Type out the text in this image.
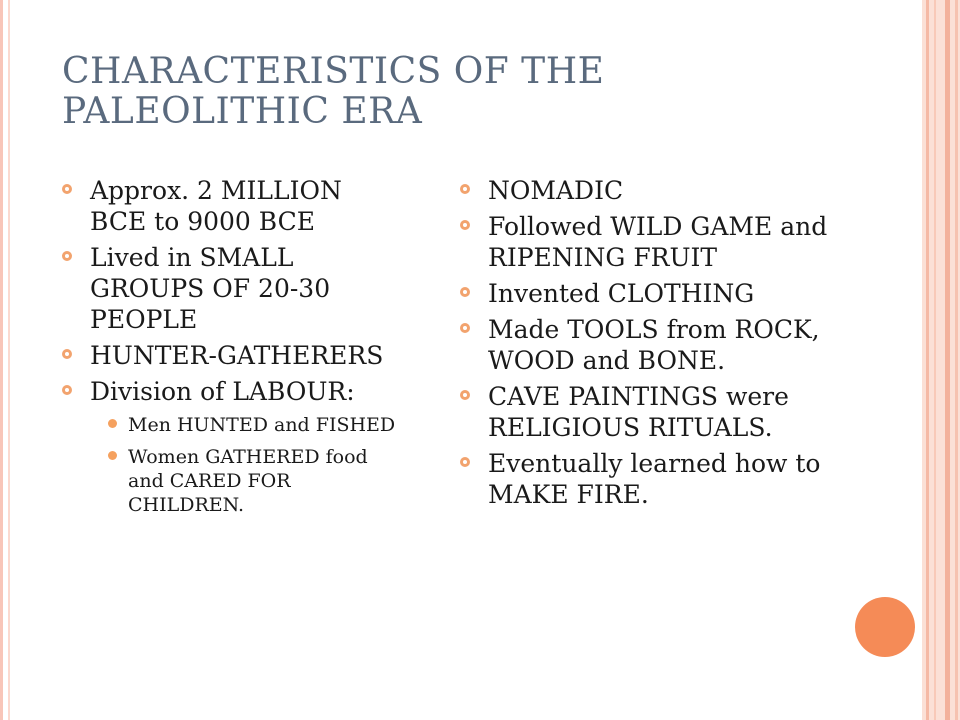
CHARACTERISTICS OF THE PALEOLITHIC ERA
Approx. 2 MILLION BCE to 9000 BCE
Lived in SMALL GROUPS OF 20-30 PEOPLE
HUNTER-GATHERERS
Division of LABOUR:
Men HUNTED and FISHED
Women GATHERED food and CARED FOR CHILDREN.
NOMADIC
Followed WILD GAME and RIPENING FRUIT
Invented CLOTHING
Made TOOLS from ROCK, WOOD and BONE.
CAVE PAINTINGS were RELIGIOUS RITUALS.
Eventually learned how to MAKE FIRE.
